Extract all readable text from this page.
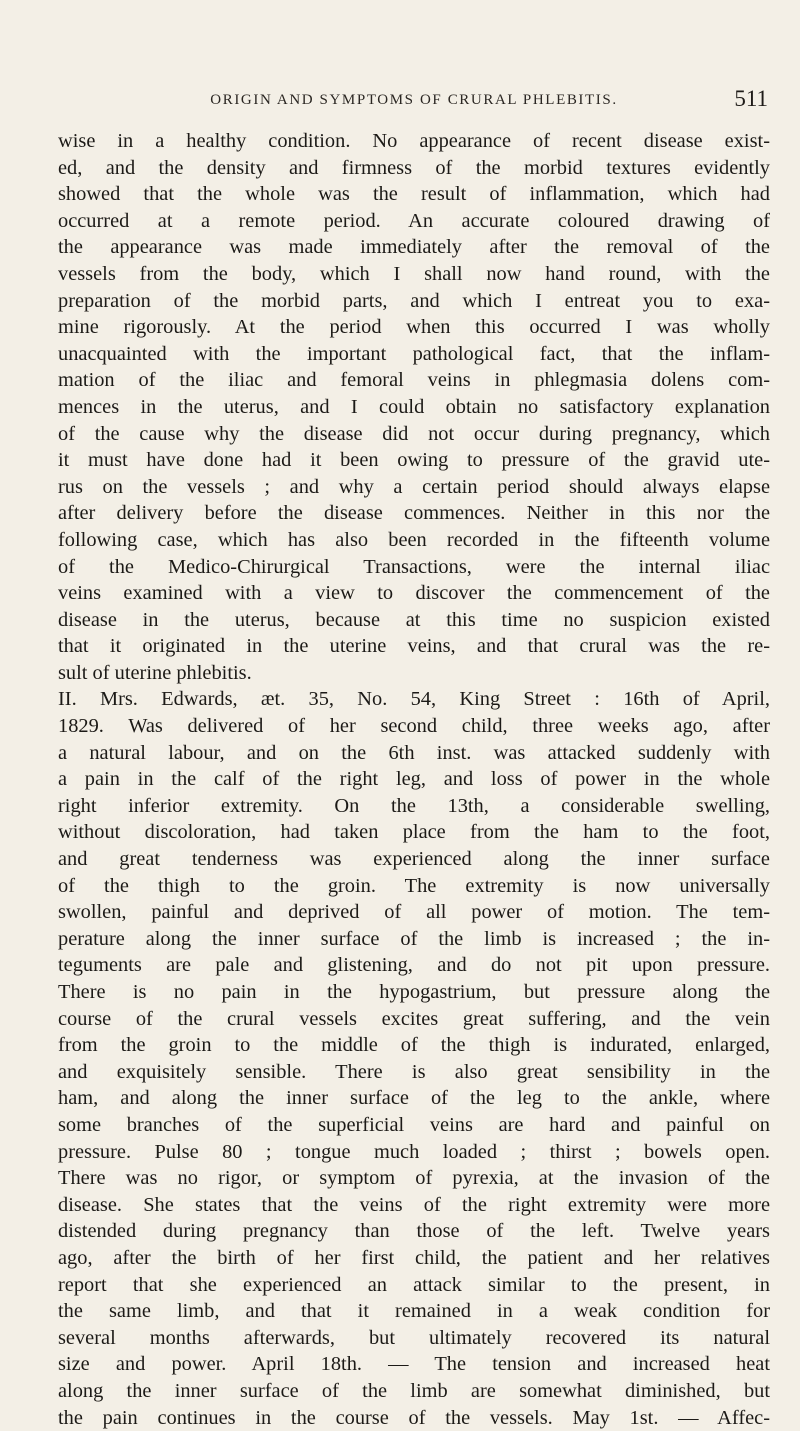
ORIGIN AND SYMPTOMS OF CRURAL PHLEBITIS.	511
wise in a healthy condition. No appearance of recent disease exist-
ed, and the density and firmness of the morbid textures evidently
showed that the whole was the result of inflammation, which had
occurred at a remote period. An accurate coloured drawing of
the appearance was made immediately after the removal of the
vessels from the body, which I shall now hand round, with the
preparation of the morbid parts, and which I entreat you to exa-
mine rigorously. At the period when this occurred I was wholly
unacquainted with the important pathological fact, that the inflam-
mation of the iliac and femoral veins in phlegmasia dolens com-
mences in the uterus, and I could obtain no satisfactory explanation
of the cause why the disease did not occur during pregnancy, which
it must have done had it been owing to pressure of the gravid ute-
rus on the vessels ; and why a certain period should always elapse
after delivery before the disease commences. Neither in this nor the
following case, which has also been recorded in the fifteenth volume
of the Medico-Chirurgical Transactions, were the internal iliac
veins examined with a view to discover the commencement of the
disease in the uterus, because at this time no suspicion existed
that it originated in the uterine veins, and that crural was the re-
sult of uterine phlebitis.
II. Mrs. Edwards, æt. 35, No. 54, King Street : 16th of April,
1829. Was delivered of her second child, three weeks ago, after
a natural labour, and on the 6th inst. was attacked suddenly with
a pain in the calf of the right leg, and loss of power in the whole
right inferior extremity. On the 13th, a considerable swelling,
without discoloration, had taken place from the ham to the foot,
and great tenderness was experienced along the inner surface
of the thigh to the groin. The extremity is now universally
swollen, painful and deprived of all power of motion. The tem-
perature along the inner surface of the limb is increased ; the in-
teguments are pale and glistening, and do not pit upon pressure.
There is no pain in the hypogastrium, but pressure along the
course of the crural vessels excites great suffering, and the vein
from the groin to the middle of the thigh is indurated, enlarged,
and exquisitely sensible. There is also great sensibility in the
ham, and along the inner surface of the leg to the ankle, where
some branches of the superficial veins are hard and painful on
pressure. Pulse 80 ; tongue much loaded ; thirst ; bowels open.
There was no rigor, or symptom of pyrexia, at the invasion of the
disease. She states that the veins of the right extremity were more
distended during pregnancy than those of the left. Twelve years
ago, after the birth of her first child, the patient and her relatives
report that she experienced an attack similar to the present, in
the same limb, and that it remained in a weak condition for
several months afterwards, but ultimately recovered its natural
size and power. April 18th. — The tension and increased heat
along the inner surface of the limb are somewhat diminished, but
the pain continues in the course of the vessels. May 1st. — Affec-
